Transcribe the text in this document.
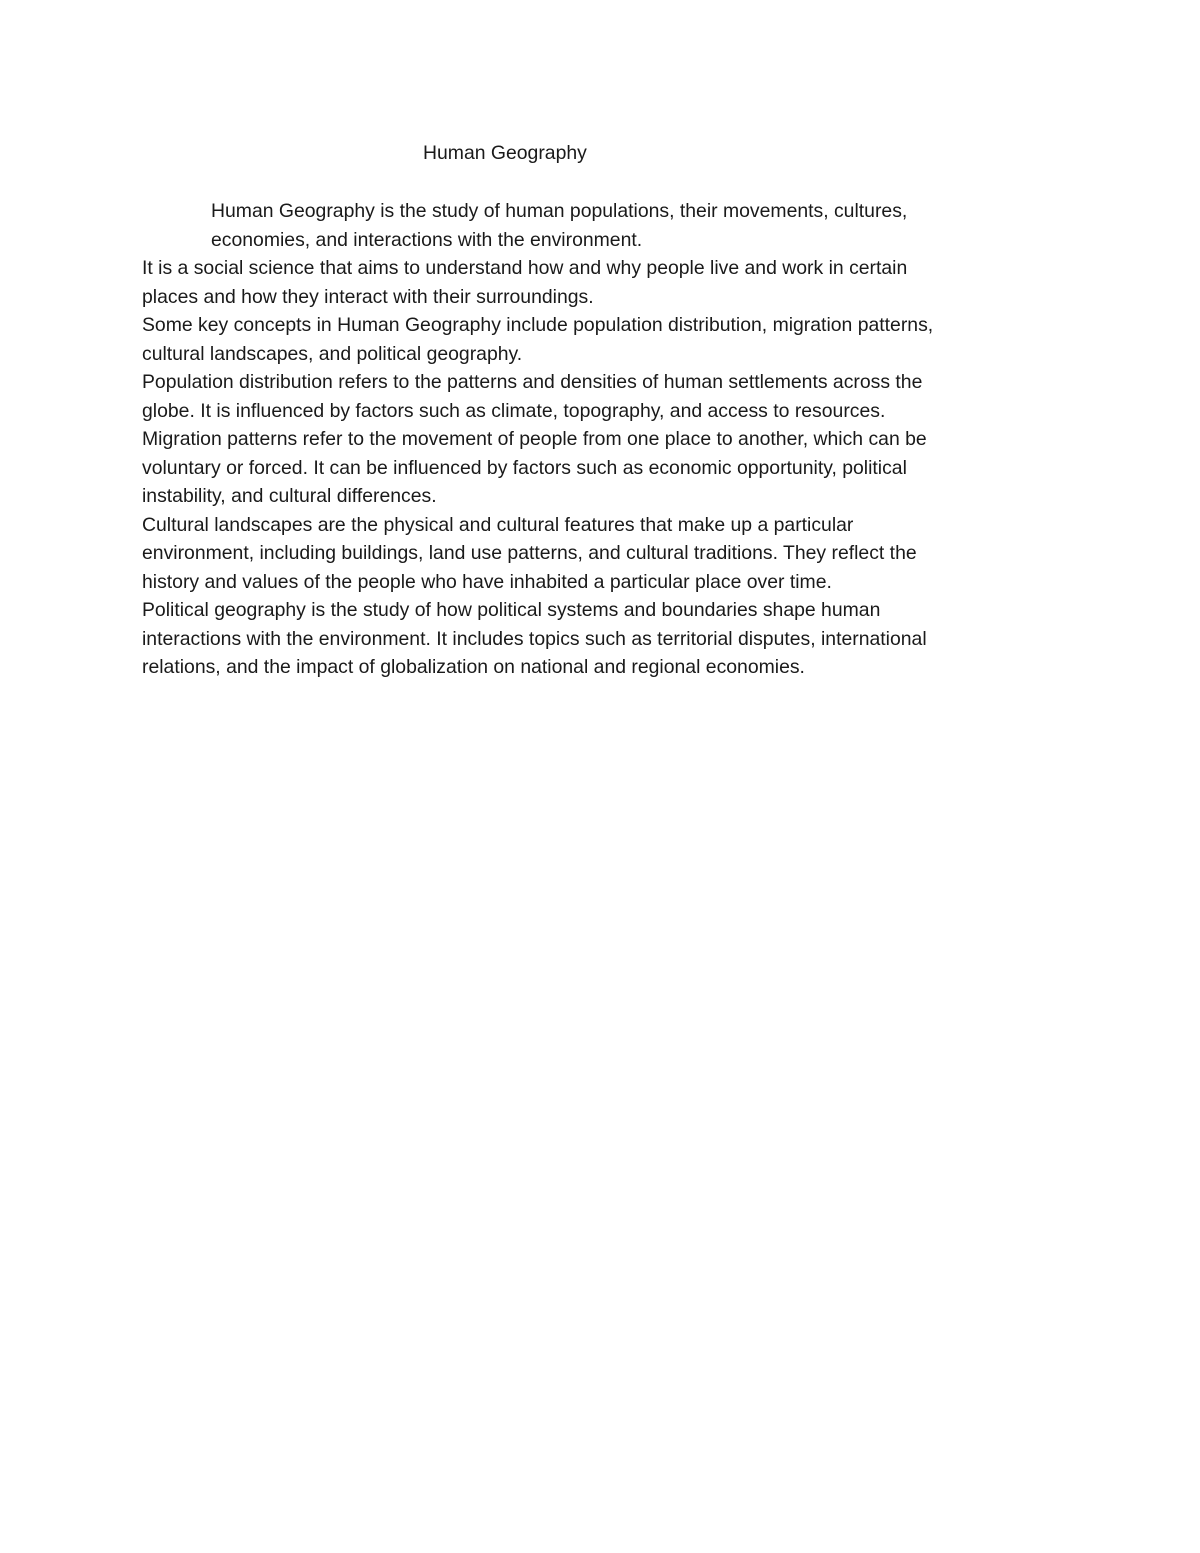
Human Geography

Human Geography is the study of human populations, their movements, cultures,
economies, and interactions with the environment.

It is a social science that aims to understand how and why people live and work in certain
places and how they interact with their surroundings.

Some key concepts in Human Geography include population distribution, migration patterns,
cultural landscapes, and political geography.

Population distribution refers to the patterns and densities of human settlements across the
globe. It is influenced by factors such as climate, topography, and access to resources.

Migration patterns refer to the movement of people from one place to another, which can be
voluntary or forced. It can be influenced by factors such as economic opportunity, political
instability, and cultural differences.

Cultural landscapes are the physical and cultural features that make up a particular
environment, including buildings, land use patterns, and cultural traditions. They reflect the
history and values of the people who have inhabited a particular place over time.

Political geography is the study of how political systems and boundaries shape human
interactions with the environment. It includes topics such as territorial disputes, international
relations, and the impact of globalization on national and regional economies.
